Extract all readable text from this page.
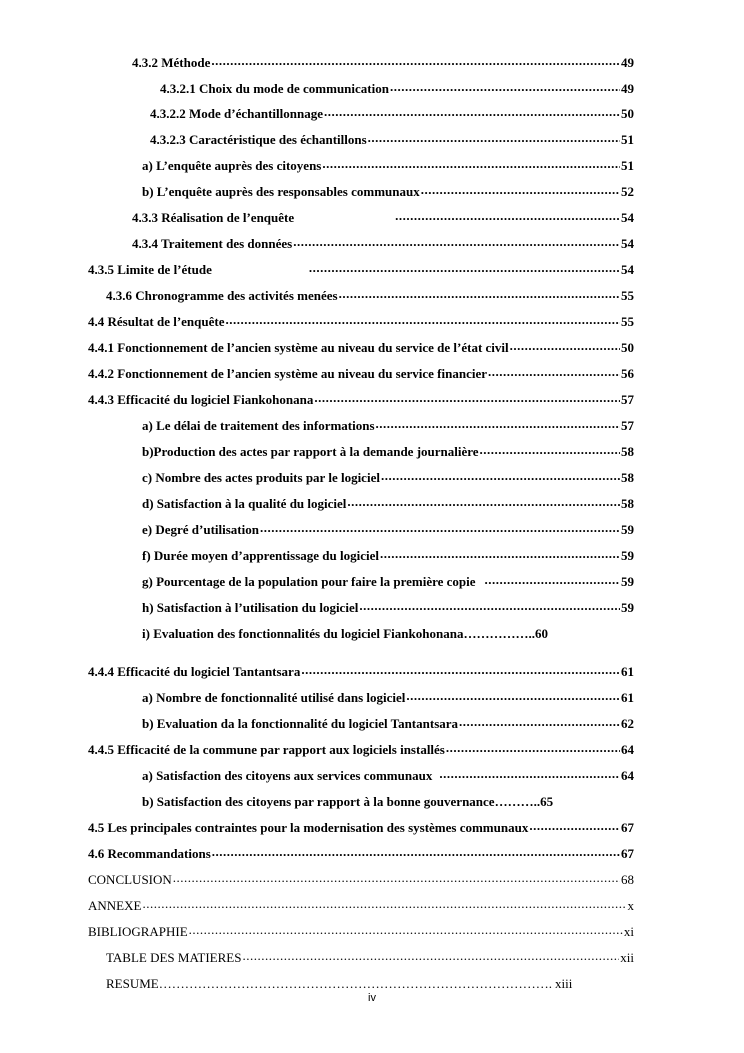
4.3.2 Méthode .....	49
4.3.2.1 Choix du mode de communication .....	49
4.3.2.2 Mode d’échantillonnage .....	50
4.3.2.3 Caractéristique des échantillons .....	51
a) L’enquête auprès des citoyens .....	51
b) L’enquête auprès des responsables communaux .....	52
4.3.3 Réalisation de l’enquête .....	54
4.3.4 Traitement des données .....	54
4.3.5 Limite de l’étude .....	54
4.3.6 Chronogramme des activités menées .....	55
4.4 Résultat de l’enquête .....	55
4.4.1 Fonctionnement de l’ancien système au niveau du service de l’état civil .....	50
4.4.2 Fonctionnement de l’ancien système au niveau du service financier .....	56
4.4.3 Efficacité du logiciel Fiankohonana .....	57
a) Le délai de traitement des informations .....	57
b)Production des actes par rapport à la demande journalière .....	58
c) Nombre des actes produits par le logiciel .....	58
d) Satisfaction à la qualité du logiciel .....	58
e) Degré d’utilisation .....	59
f) Durée moyen d’apprentissage du logiciel .....	59
g) Pourcentage de la population pour faire la première copie .....	59
h) Satisfaction à l’utilisation du logiciel .....	59
i) Evaluation des fonctionnalités du logiciel Fiankohonana …………….. 60
4.4.4 Efficacité du logiciel Tantantsara .....	61
a) Nombre de fonctionnalité utilisé dans logiciel .....	61
b) Evaluation da la fonctionnalité du logiciel Tantantsara .....	62
4.4.5 Efficacité de la commune par rapport aux logiciels installés .....	64
a) Satisfaction des citoyens aux services communaux .....	64
b) Satisfaction des citoyens par rapport à la bonne gouvernance ……….. 65
4.5 Les principales contraintes pour la modernisation des systèmes communaux .....	67
4.6 Recommandations .....	67
CONCLUSION .....	68
ANNEXE .....	x
BIBLIOGRAPHIE .....	xi
TABLE DES MATIERES .....	xii
RESUME ………………………………………………………………………………. xiii
iv
